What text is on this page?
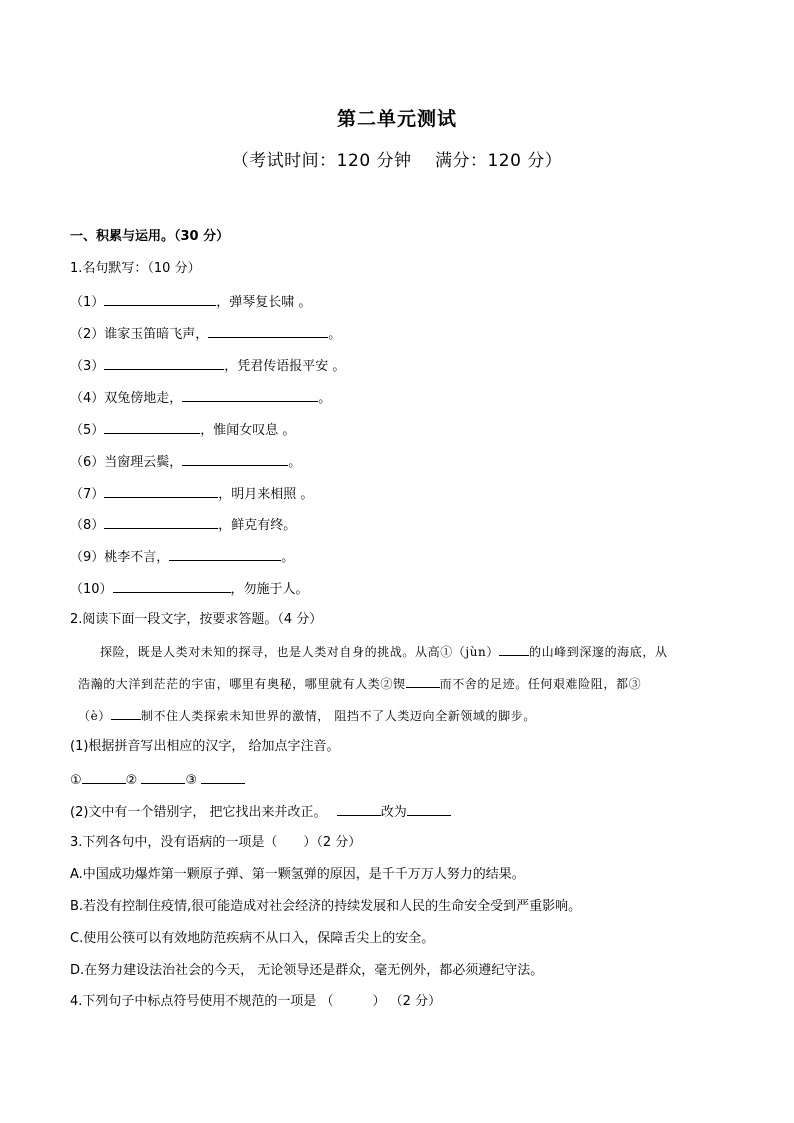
第二单元测试
（考试时间：120 分钟　 满分：120 分）
一、积累与运用。（30 分）
1.名句默写：（10 分）
（1）	，弹琴复长啸 。
（2）谁家玉笛暗飞声，	。
（3）	，凭君传语报平安 。
（4）双兔傍地走，	。
（5）	，惟闻女叹息 。
（6）当窗理云鬓，	。
（7）	，明月来相照 。
（8）	，鲜克有终。
（9）桃李不言，	。
（10）	，勿施于人。
2.阅读下面一段文字，按要求答题。（4 分）
探险，既是人类对未知的探寻，也是人类对自身的挑战。从高①（jùn）	的山峰到深邃的海底，从
浩瀚的大洋到茫茫的宇宙，哪里有奥秘，哪里就有人类②锲	而不舍的足迹。任何艰难险阻，都③
（è）	制不住人类探索未知世界的激情， 阻挡不了人类迈向全新领域的脚步。
(1)根据拼音写出相应的汉字， 给加点字注音。
①	②	③
(2)文中有一个错别字， 把它找出来并改正。	改为
3.下列各句中，没有语病的一项是（　　）（2 分）
A.中国成功爆炸第一颗原子弹、第一颗氢弹的原因，是千千万万人努力的结果。
B.若没有控制住疫情,很可能造成对社会经济的持续发展和人民的生命安全受到严重影响。
C.使用公筷可以有效地防范疾病不从口入，保障舌尖上的安全。
D.在努力建设法治社会的今天， 无论领导还是群众，毫无例外，都必须遵纪守法。
4.下列句子中标点符号使用不规范的一项是 （　　　） （2 分）
